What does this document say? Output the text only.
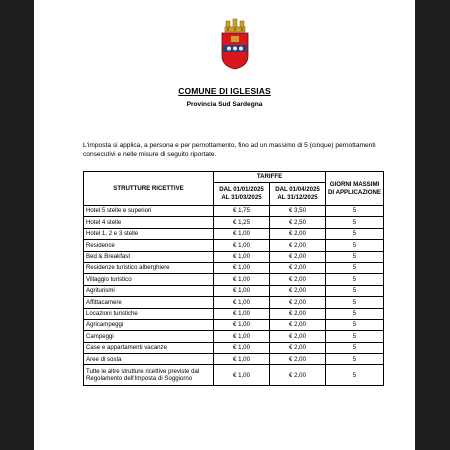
COMUNE DI IGLESIAS
Provincia Sud Sardegna
L'imposta si applica, a persona e per pernottamento, fino ad un massimo di 5 (cinque) pernottamenti consecutivi e nelle misure di seguito riportate.
STRUTTURE RICETTIVE	TARIFFE		GIORNI MASSIMI DI APPLICAZIONE
	DAL 01/01/2025 AL 31/03/2025	DAL 01/04/2025 AL 31/12/2025	
Hotel 5 stelle e superiori	€ 1,75	€ 3,50	5
Hotel 4 stelle	€ 1,25	€ 2,50	5
Hotel 1, 2 e 3 stelle	€ 1,00	€ 2,00	5
Residence	€ 1,00	€ 2,00	5
Bed & Breakfast	€ 1,00	€ 2,00	5
Residenze turistico alberghiere	€ 1,00	€ 2,00	5
Villaggio turistico	€ 1,00	€ 2,00	5
Agriturismi	€ 1,00	€ 2,00	5
Affittacamere	€ 1,00	€ 2,00	5
Locazioni turistiche	€ 1,00	€ 2,00	5
Agricampeggi	€ 1,00	€ 2,00	5
Campeggi	€ 1,00	€ 2,00	5
Case e appartamenti vacanze	€ 1,00	€ 2,00	5
Aree di sosta	€ 1,00	€ 2,00	5
Tutte le altre strutture ricettive previste dal Regolamento dell'Imposta di Soggiorno	€ 1,00	€ 2,00	5
